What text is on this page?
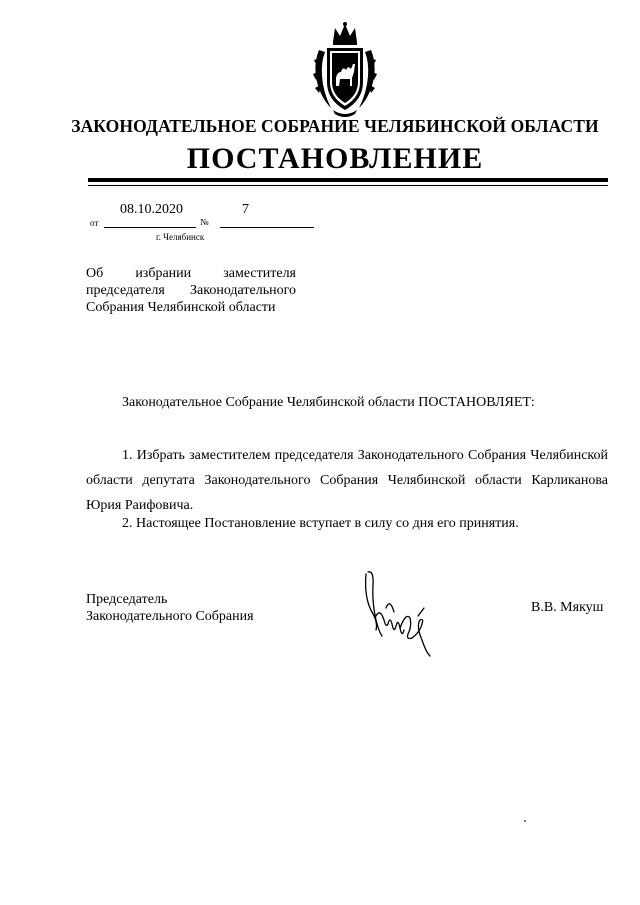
ЗАКОНОДАТЕЛЬНОЕ СОБРАНИЕ ЧЕЛЯБИНСКОЙ ОБЛАСТИ
ПОСТАНОВЛЕНИЕ
08.10.2020	7
от	№
г. Челябинск
Об избрании заместителя председателя Законодательного Собрания Челябинской области
Законодательное Собрание Челябинской области ПОСТАНОВЛЯЕТ:
1. Избрать заместителем председателя Законодательного Собрания Челябинской области депутата Законодательного Собрания Челябинской области Карликанова Юрия Раифовича.
2. Настоящее Постановление вступает в силу со дня его принятия.
Председатель
Законодательного Собрания
В.В. Мякуш
